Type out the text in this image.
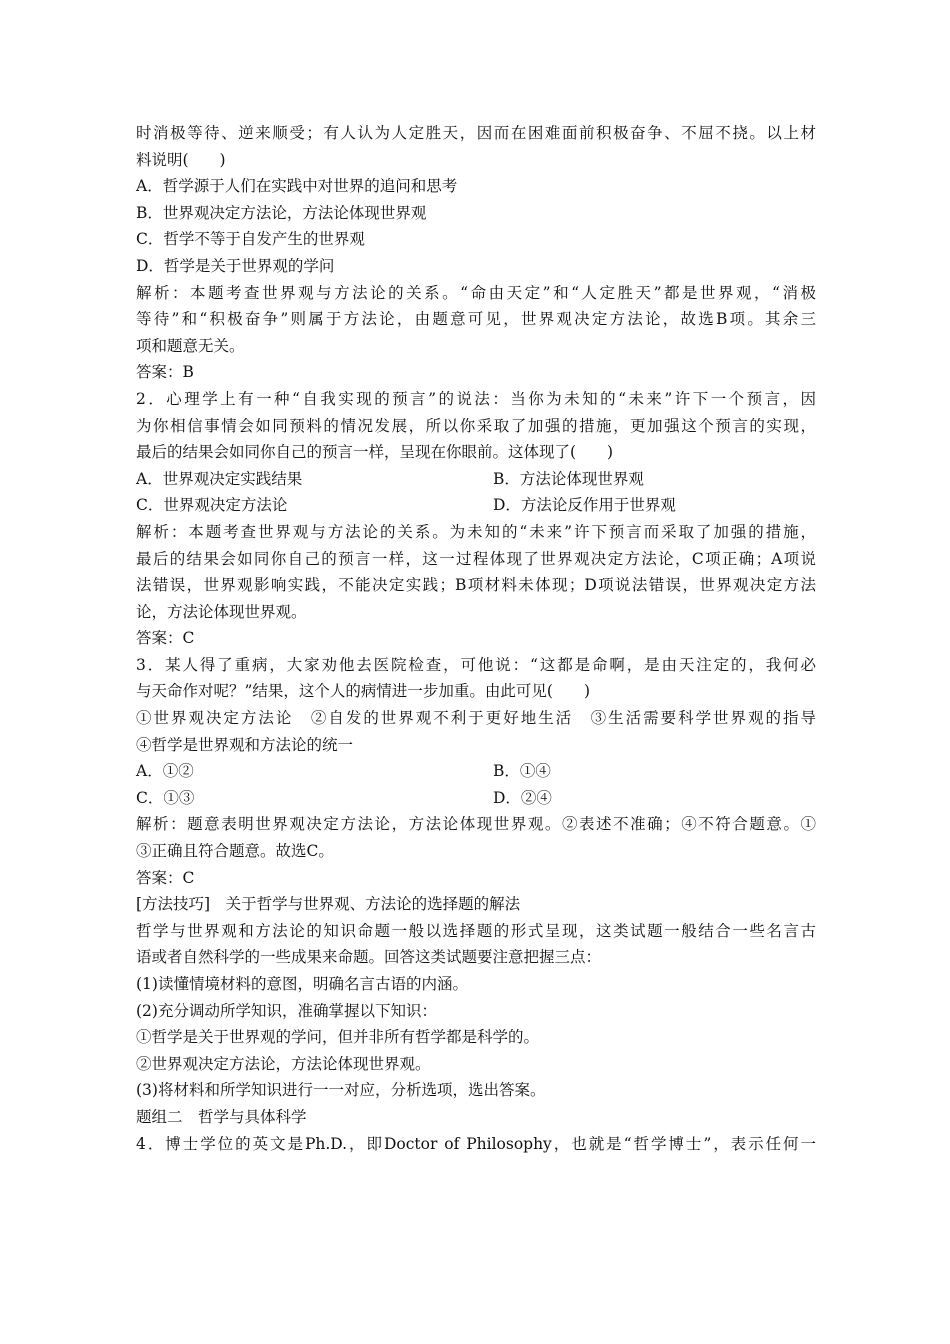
时消极等待、逆来顺受；有人认为人定胜天，因而在困难面前积极奋争、不屈不挠。以上材
料说明(　　)
A．哲学源于人们在实践中对世界的追问和思考
B．世界观决定方法论，方法论体现世界观
C．哲学不等于自发产生的世界观
D．哲学是关于世界观的学问
解析：本题考查世界观与方法论的关系。“命由天定”和“人定胜天”都是世界观，“消极
等待”和“积极奋争”则属于方法论，由题意可见，世界观决定方法论，故选B项。其余三
项和题意无关。
答案：B
2．心理学上有一种“自我实现的预言”的说法：当你为未知的“未来”许下一个预言，因
为你相信事情会如同预料的情况发展，所以你采取了加强的措施，更加强这个预言的实现，
最后的结果会如同你自己的预言一样，呈现在你眼前。这体现了(　　)
A．世界观决定实践结果	B．方法论体现世界观
C．世界观决定方法论	D．方法论反作用于世界观
解析：本题考查世界观与方法论的关系。为未知的“未来”许下预言而采取了加强的措施，
最后的结果会如同你自己的预言一样，这一过程体现了世界观决定方法论，C项正确；A项说
法错误，世界观影响实践，不能决定实践；B项材料未体现；D项说法错误，世界观决定方法
论，方法论体现世界观。
答案：C
3．某人得了重病，大家劝他去医院检查，可他说：“这都是命啊，是由天注定的，我何必
与天命作对呢？”结果，这个人的病情进一步加重。由此可见(　　)
①世界观决定方法论　②自发的世界观不利于更好地生活　③生活需要科学世界观的指导
④哲学是世界观和方法论的统一
A．①②	B．①④
C．①③	D．②④
解析：题意表明世界观决定方法论，方法论体现世界观。②表述不准确；④不符合题意。①
③正确且符合题意。故选C。
答案：C
[方法技巧]　关于哲学与世界观、方法论的选择题的解法
哲学与世界观和方法论的知识命题一般以选择题的形式呈现，这类试题一般结合一些名言古
语或者自然科学的一些成果来命题。回答这类试题要注意把握三点：
(1)读懂情境材料的意图，明确名言古语的内涵。
(2)充分调动所学知识，准确掌握以下知识：
①哲学是关于世界观的学问，但并非所有哲学都是科学的。
②世界观决定方法论，方法论体现世界观。
(3)将材料和所学知识进行一一对应，分析选项，选出答案。
题组二　哲学与具体科学
4．博士学位的英文是Ph.D.，即Doctor of Philosophy，也就是“哲学博士”，表示任何一
